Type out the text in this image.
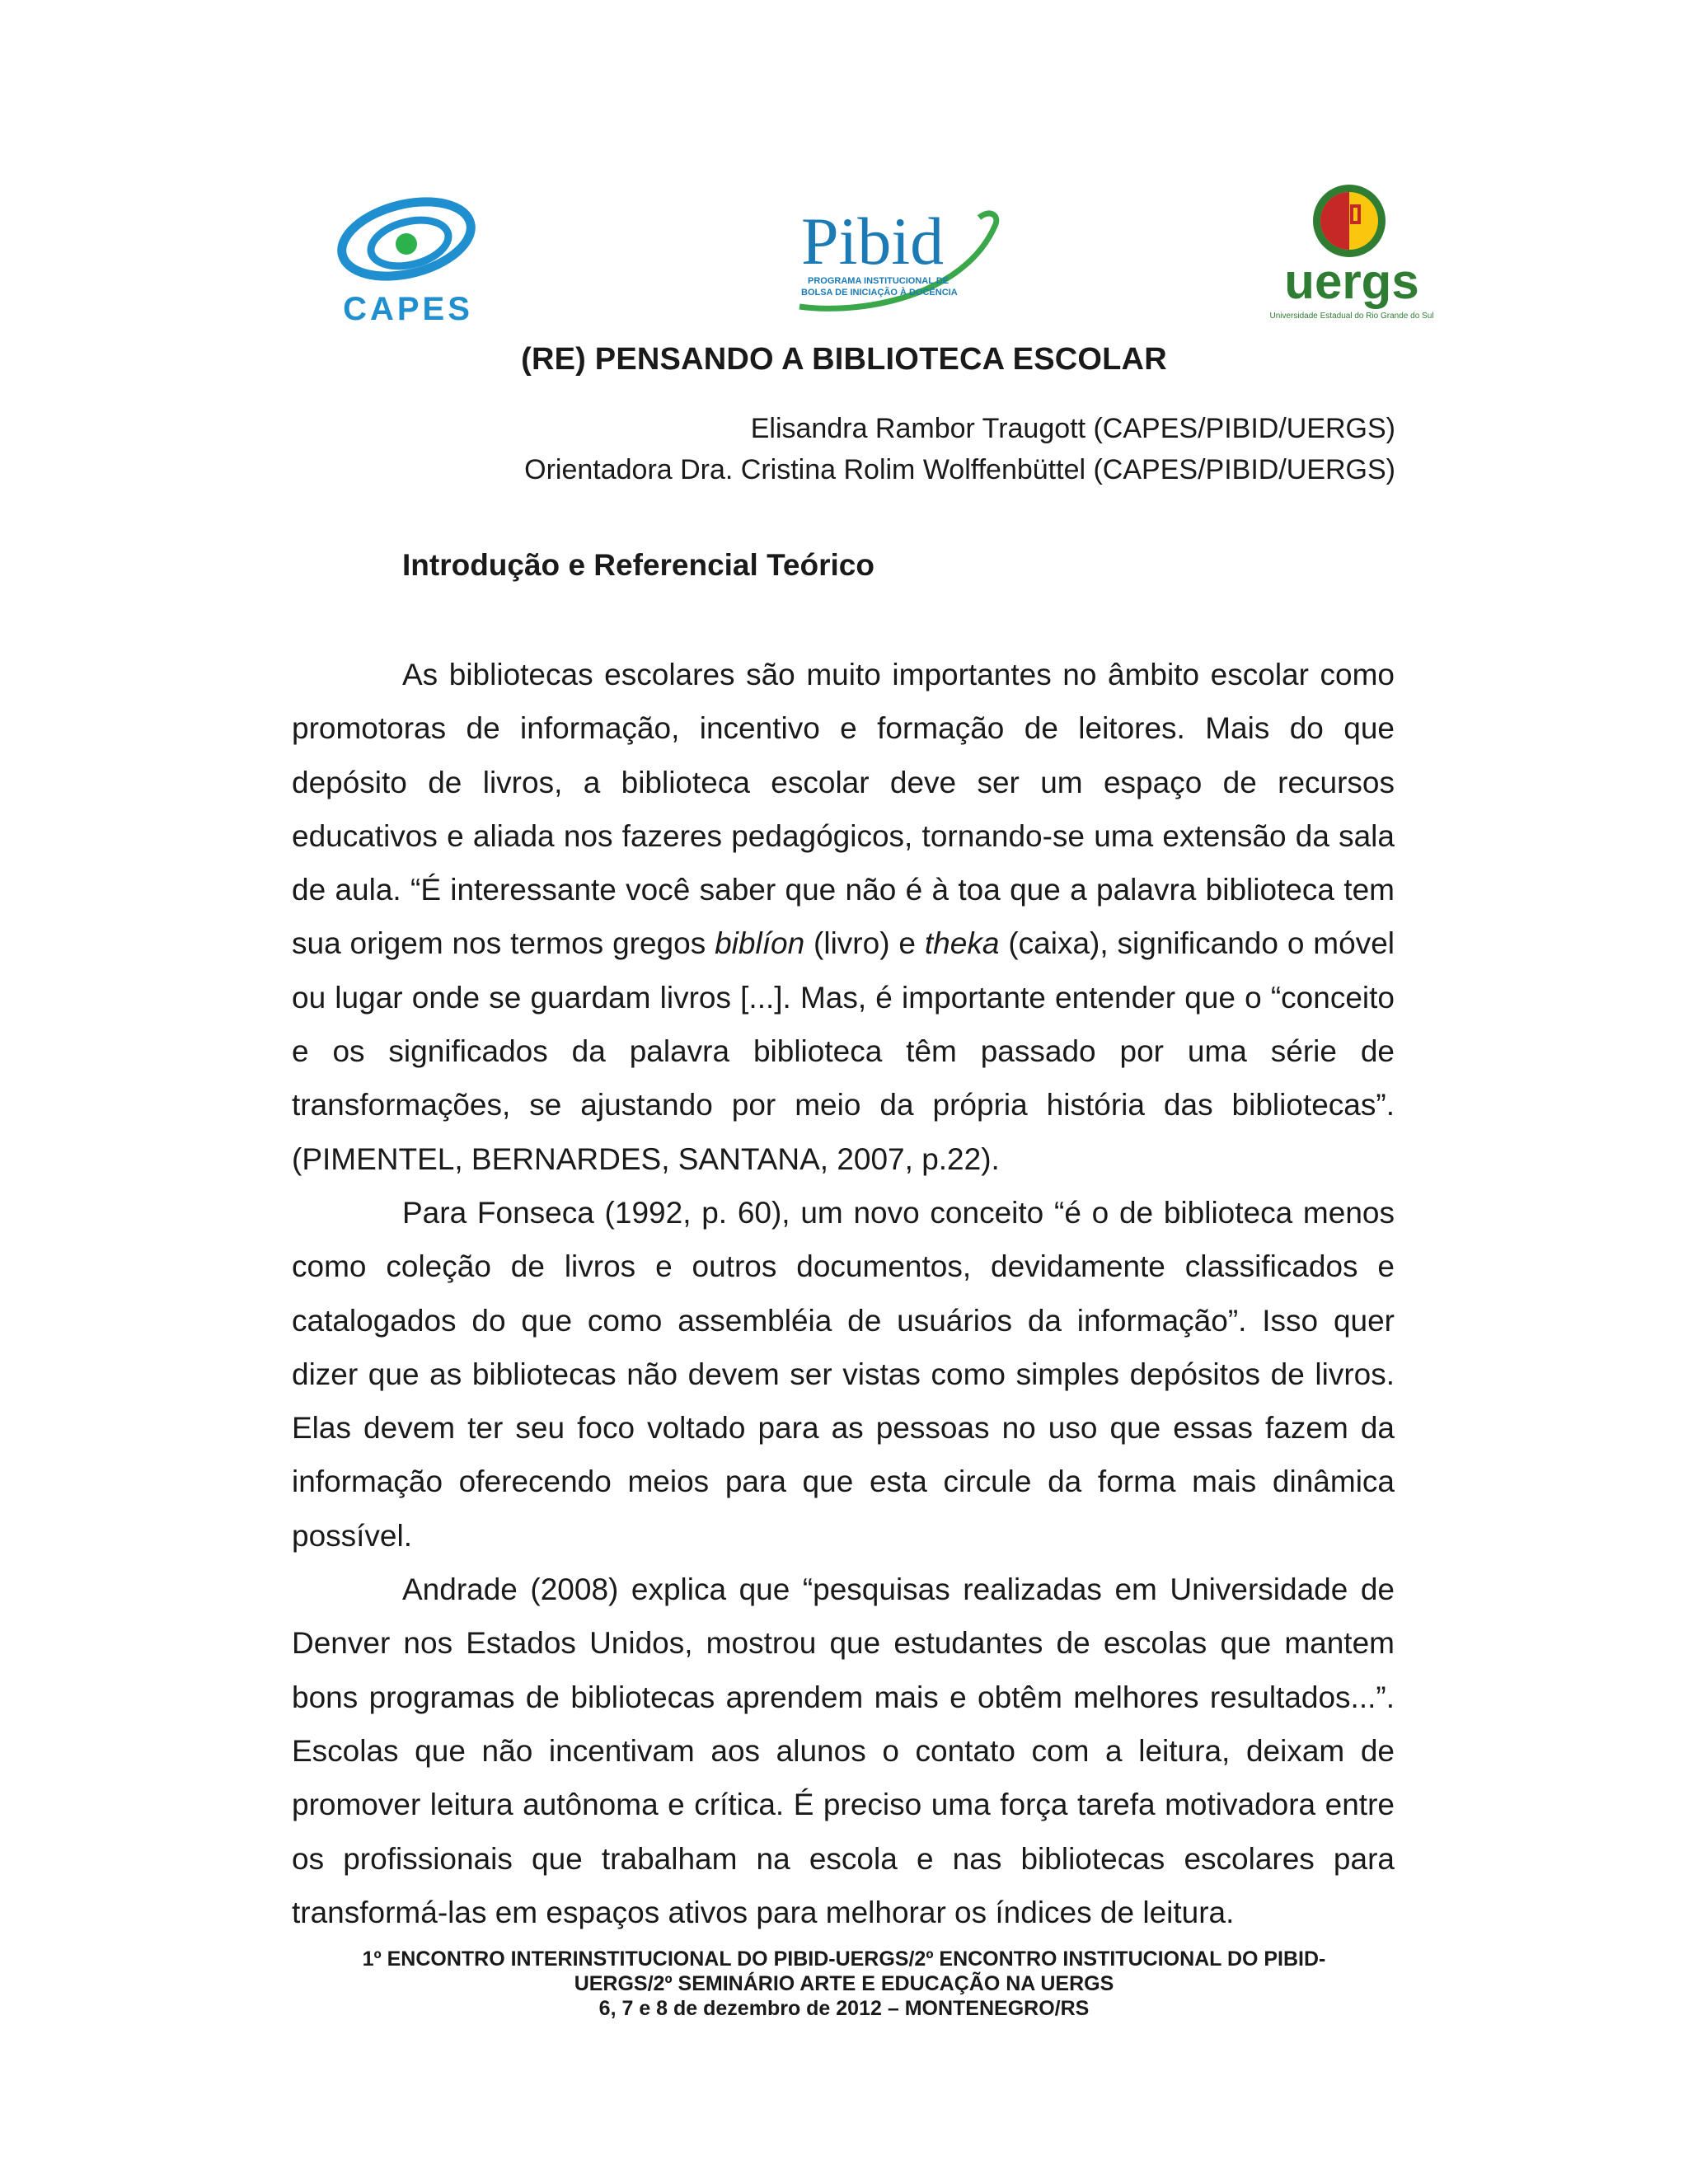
CAPES
Pibid
PROGRAMA INSTITUCIONAL DE
BOLSA DE INICIAÇÃO À DOCÊNCIA	uergs
Universidade Estadual do Rio Grande do Sul
(RE) PENSANDO A BIBLIOTECA ESCOLAR
Elisandra Rambor Traugott (CAPES/PIBID/UERGS)
Orientadora Dra. Cristina Rolim Wolffenbüttel (CAPES/PIBID/UERGS)
Introdução e Referencial Teórico

As bibliotecas escolares são muito importantes no âmbito escolar como promotoras de informação, incentivo e formação de leitores. Mais do que depósito de livros, a biblioteca escolar deve ser um espaço de recursos educativos e aliada nos fazeres pedagógicos, tornando-se uma extensão da sala de aula. “É interessante você saber que não é à toa que a palavra biblioteca tem sua origem nos termos gregos biblíon (livro) e theka (caixa), significando o móvel ou lugar onde se guardam livros [...]. Mas, é importante entender que o “conceito e os significados da palavra biblioteca têm passado por uma série de transformações, se ajustando por meio da própria história das bibliotecas”. (PIMENTEL, BERNARDES, SANTANA, 2007, p.22).

Para Fonseca (1992, p. 60), um novo conceito “é o de biblioteca menos como coleção de livros e outros documentos, devidamente classificados e catalogados do que como assembléia de usuários da informação”. Isso quer dizer que as bibliotecas não devem ser vistas como simples depósitos de livros. Elas devem ter seu foco voltado para as pessoas no uso que essas fazem da informação oferecendo meios para que esta circule da forma mais dinâmica possível.

Andrade (2008) explica que “pesquisas realizadas em Universidade de Denver nos Estados Unidos, mostrou que estudantes de escolas que mantem bons programas de bibliotecas aprendem mais e obtêm melhores resultados...”. Escolas que não incentivam aos alunos o contato com a leitura, deixam de promover leitura autônoma e crítica. É preciso uma força tarefa motivadora entre os profissionais que trabalham na escola e nas bibliotecas escolares para transformá-las em espaços ativos para melhorar os índices de leitura.

1º ENCONTRO INTERINSTITUCIONAL DO PIBID-UERGS/2º ENCONTRO INSTITUCIONAL DO PIBID-
UERGS/2º SEMINÁRIO ARTE E EDUCAÇÃO NA UERGS
6, 7 e 8 de dezembro de 2012 – MONTENEGRO/RS
